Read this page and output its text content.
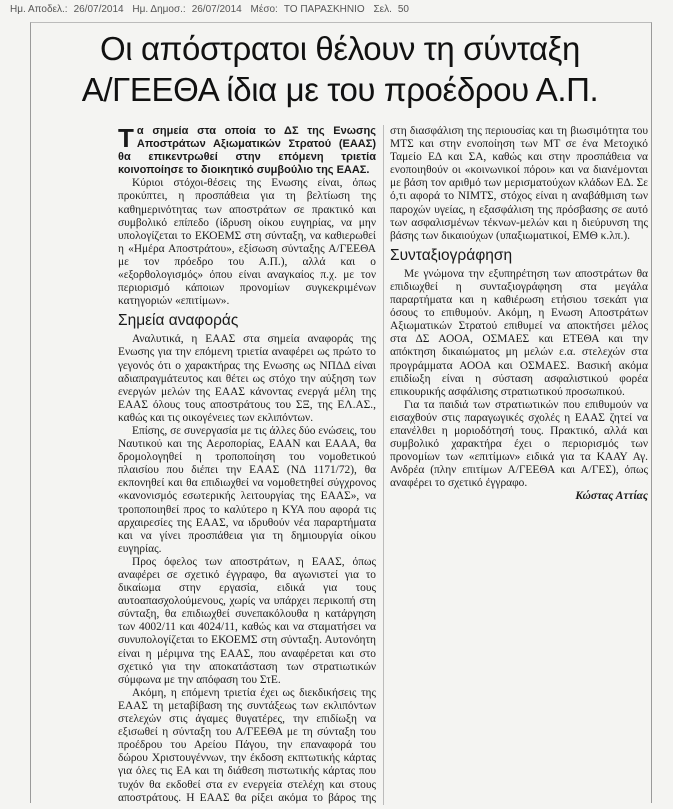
Ημ. Αποδελ.: 26/07/2014 Ημ. Δημοσ.: 26/07/2014 Μέσο: ΤΟ ΠΑΡΑΣΚΗΝΙΟ Σελ. 50
Οι απόστρατοι θέλουν τη σύνταξη
Α/ΓΕΕΘΑ ίδια με του προέδρου Α.Π.

Τα σημεία στα οποία το ΔΣ της Ενωσης Αποστράτων Αξιωματικών Στρατού (ΕΑΑΣ) θα επικεντρωθεί στην επόμενη τριετία κοινοποίησε το διοικητικό συμβούλιο της ΕΑΑΣ.

Κύριοι στόχοι-θέσεις της Ενωσης είναι, όπως προκύπτει, η προσπάθεια για τη βελτίωση της καθημερινότητας των αποστράτων σε πρακτικό και συμβολικό επίπεδο (ίδρυση οίκου ευγηρίας, να μην υπολογίζεται το ΕΚΟΕΜΣ στη σύνταξη, να καθιερωθεί η «Ημέρα Αποστράτου», εξίσωση σύνταξης Α/ΓΕΕΘΑ με τον πρόεδρο του Α.Π.), αλλά και ο «εξορθολογισμός» όπου είναι αναγκαίος π.χ. με τον περιορισμό κάποιων προνομίων συγκεκριμένων κατηγοριών «επιτίμων».

Σημεία αναφοράς

Αναλυτικά, η ΕΑΑΣ στα σημεία αναφοράς της Ενωσης για την επόμενη τριετία αναφέρει ως πρώτο το γεγονός ότι ο χαρακτήρας της Ενωσης ως ΝΠΔΔ είναι αδιαπραγμάτευτος και θέτει ως στόχο την αύξηση των ενεργών μελών της ΕΑΑΣ κάνοντας ενεργά μέλη της ΕΑΑΣ όλους τους αποστράτους του ΣΞ, της ΕΛ.ΑΣ., καθώς και τις οικογένειες των εκλιπόντων.

Επίσης, σε συνεργασία με τις άλλες δύο ενώσεις, του Ναυτικού και της Αεροπορίας, ΕΑΑΝ και ΕΑΑΑ, θα δρομολογηθεί η τροποποίηση του νομοθετικού πλαισίου που διέπει την ΕΑΑΣ (ΝΔ 1171/72), θα εκπονηθεί και θα επιδιωχθεί να νομοθετηθεί σύγχρονος «κανονισμός εσωτερικής λειτουργίας της ΕΑΑΣ», να τροποποιηθεί προς το καλύτερο η ΚΥΑ που αφορά τις αρχαιρεσίες της ΕΑΑΣ, να ιδρυθούν νέα παραρτήματα και να γίνει προσπάθεια για τη δημιουργία οίκου ευγηρίας.

Προς όφελος των αποστράτων, η ΕΑΑΣ, όπως αναφέρει σε σχετικό έγγραφο, θα αγωνιστεί για το δικαίωμα στην εργασία, ειδικά για τους αυτοαπασχολούμενους, χωρίς να υπάρχει περικοπή στη σύνταξη, θα επιδιωχθεί συνεπακόλουθα η κατάργηση των 4002/11 και 4024/11, καθώς και να σταματήσει να συνυπολογίζεται το ΕΚΟΕΜΣ στη σύνταξη. Αυτονόητη είναι η μέριμνα της ΕΑΑΣ, που αναφέρεται και στο σχετικό για την αποκατάσταση των στρατιωτικών σύμφωνα με την απόφαση του ΣτΕ.

Ακόμη, η επόμενη τριετία έχει ως διεκδικήσεις της ΕΑΑΣ τη μεταβίβαση της συντάξεως των εκλιπόντων στελεχών στις άγαμες θυγατέρες, την επιδίωξη να εξισωθεί η σύνταξη του Α/ΓΕΕΘΑ με τη σύνταξη του προέδρου του Αρείου Πάγου, την επαναφορά του δώρου Χριστουγέννων, την έκδοση εκπτωτικής κάρτας για όλες τις ΕΑ και τη διάθεση πιστωτικής κάρτας που τυχόν θα εκδοθεί στα εν ενεργεία στελέχη και στους αποστράτους. Η ΕΑΑΣ θα ρίξει ακόμα το βάρος της στη διασφάλιση της περιουσίας και τη βιωσιμότητα του ΜΤΣ και στην ενοποίηση των ΜΤ σε ένα Μετοχικό Ταμείο ΕΔ και ΣΑ, καθώς και στην προσπάθεια να ενοποιηθούν οι «κοινωνικοί πόροι» και να διανέμονται με βάση τον αριθμό των μερισματούχων κλάδων ΕΔ. Σε ό,τι αφορά το ΝΙΜΤΣ, στόχος είναι η αναβάθμιση των παροχών υγείας, η εξασφάλιση της πρόσβασης σε αυτό των ασφαλισμένων τέκνων-μελών και η διεύρυνση της βάσης των δικαιούχων (υπαξιωματικοί, ΕΜΘ κ.λπ.).

Συνταξιογράφηση

Με γνώμονα την εξυπηρέτηση των αποστράτων θα επιδιωχθεί η συνταξιογράφηση στα μεγάλα παραρτήματα και η καθιέρωση ετήσιου τσεκάπ για όσους το επιθυμούν. Ακόμη, η Ενωση Αποστράτων Αξιωματικών Στρατού επιθυμεί να αποκτήσει μέλος στα ΔΣ ΑΟΟΑ, ΟΣΜΑΕΣ και ΕΤΕΘΑ και την απόκτηση δικαιώματος μη μελών ε.α. στελεχών στα προγράμματα ΑΟΟΑ και ΟΣΜΑΕΣ. Βασική ακόμα επιδίωξη είναι η σύσταση ασφαλιστικού φορέα επικουρικής ασφάλισης στρατιωτικού προσωπικού.

Για τα παιδιά των στρατιωτικών που επιθυμούν να εισαχθούν στις παραγωγικές σχολές η ΕΑΑΣ ζητεί να επανέλθει η μοριοδότησή τους. Πρακτικό, αλλά και συμβολικό χαρακτήρα έχει ο περιορισμός των προνομίων των «επιτίμων» ειδικά για τα ΚΑΑΥ Αγ. Ανδρέα (πλην επιτίμων Α/ΓΕΕΘΑ και Α/ΓΕΣ), όπως αναφέρει το σχετικό έγγραφο.

Κώστας Αττίας
